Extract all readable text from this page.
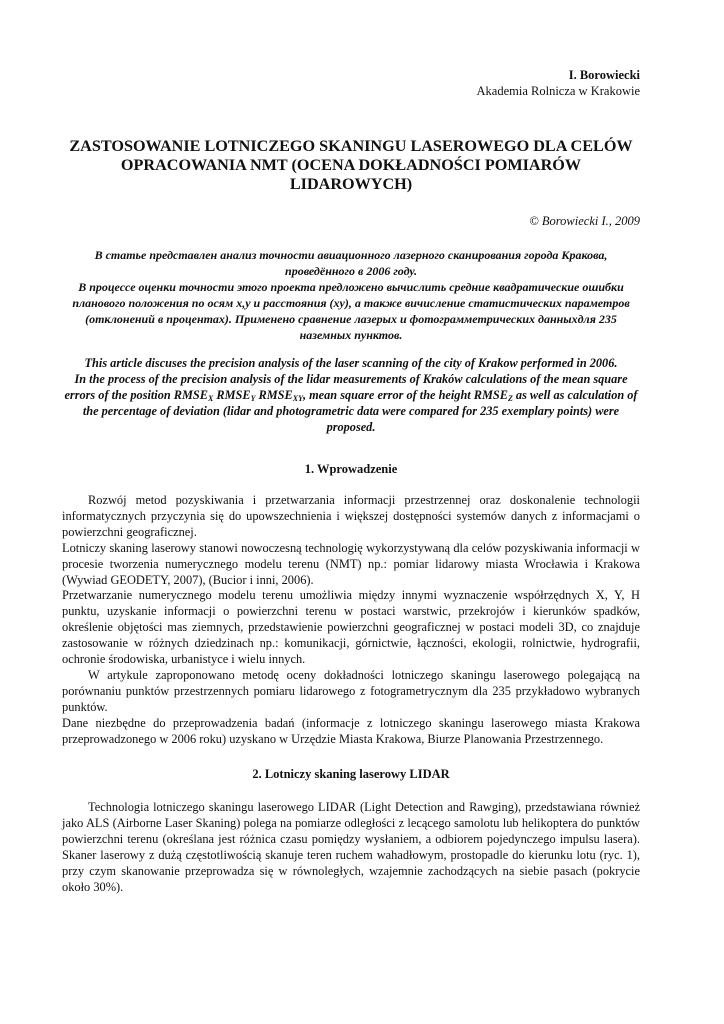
I. Borowiecki
Akademia Rolnicza w Krakowie
ZASTOSOWANIE LOTNICZEGO SKANINGU LASEROWEGO DLA CELÓW OPRACOWANIA NMT (OCENA DOKŁADNOŚCI POMIARÓW LIDAROWYCH)
© Borowiecki I., 2009

В статье представлен анализ точности авиационного лазерного сканирования города Кракова, проведённого в 2006 году.

В процессе оценки точности этого проекта предложено вычислить средние квадратические ошибки планового положения по осям x,y и расстояния (xy), а также вичисление статистических параметров (отклонений в процентах). Применено сравнение лазерых и фотограмметрических данныхдля 235 наземных пунктов.

This article discuses the precision analysis of the laser scanning of the city of Krakow performed in 2006.

In the process of the precision analysis of the lidar measurements of Kraków calculations of the mean square errors of the position $RMSE_X$ $RMSE_Y$ $RMSE_{XY}$, mean square error of the height $RMSE_Z$ as well as calculation of the percentage of deviation (lidar and photogrametric data were compared for 235 exemplary points) were proposed.

1. Wprowadzenie

Rozwój metod pozyskiwania i przetwarzania informacji przestrzennej oraz doskonalenie technologii informatycznych przyczynia się do upowszechnienia i większej dostępności systemów danych z informacjami o powierzchni geograficznej.

Lotniczy skaning laserowy stanowi nowoczesną technologię wykorzystywaną dla celów pozyskiwania informacji w procesie tworzenia numerycznego modelu terenu (NMT) np.: pomiar lidarowy miasta Wrocławia i Krakowa (Wywiad GEODETY, 2007), (Bucior i inni, 2006).

Przetwarzanie numerycznego modelu terenu umożliwia między innymi wyznaczenie współrzędnych X, Y, H punktu, uzyskanie informacji o powierzchni terenu w postaci warstwic, przekrojów i kierunków spadków, określenie objętości mas ziemnych, przedstawienie powierzchni geograficznej w postaci modeli 3D, co znajduje zastosowanie w różnych dziedzinach np.: komunikacji, górnictwie, łączności, ekologii, rolnictwie, hydrografii, ochronie środowiska, urbanistyce i wielu innych.

W artykule zaproponowano metodę oceny dokładności lotniczego skaningu laserowego polegającą na porównaniu punktów przestrzennych pomiaru lidarowego z fotogrametrycznym dla 235 przykładowo wybranych punktów.

Dane niezbędne do przeprowadzenia badań (informacje z lotniczego skaningu laserowego miasta Krakowa przeprowadzonego w 2006 roku) uzyskano w Urzędzie Miasta Krakowa, Biurze Planowania Przestrzennego.

2. Lotniczy skaning laserowy LIDAR

Technologia lotniczego skaningu laserowego LIDAR (Light Detection and Rawging), przedstawiana również jako ALS (Airborne Laser Skaning) polega na pomiarze odległości z lecącego samolotu lub helikoptera do punktów powierzchni terenu (określana jest różnica czasu pomiędzy wysłaniem, a odbiorem pojedynczego impulsu lasera). Skaner laserowy z dużą częstotliwością skanuje teren ruchem wahadłowym, prostopadle do kierunku lotu (ryc. 1), przy czym skanowanie przeprowadza się w równoległych, wzajemnie zachodzących na siebie pasach (pokrycie około 30%).
